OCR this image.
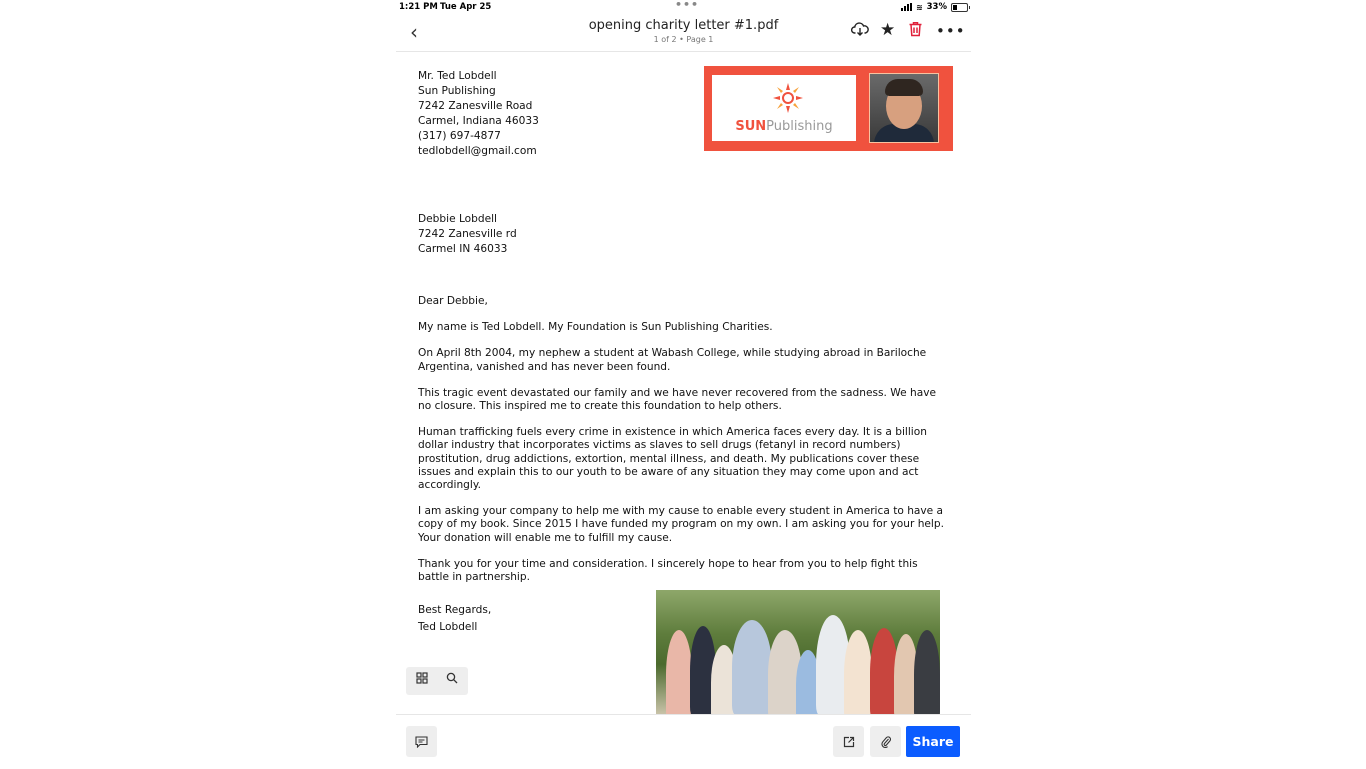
1:21 PM Tue Apr 25	•••	≋ 33%
‹	opening charity letter #1.pdf
1 of 2 • Page 1	★	•••

Mr. Ted Lobdell

Sun Publishing

7242 Zanesville Road

Carmel, Indiana 46033

(317) 697-4877

tedlobdell@gmail.com

Debbie Lobdell

7242 Zanesville rd

Carmel IN 46033

Dear Debbie,

My name is Ted Lobdell. My Foundation is Sun Publishing Charities.

On April 8th 2004, my nephew a student at Wabash College, while studying abroad in Bariloche Argentina, vanished and has never been found.

This tragic event devastated our family and we have never recovered from the sadness. We have no closure. This inspired me to create this foundation to help others.

Human trafficking fuels every crime in existence in which America faces every day. It is a billion dollar industry that incorporates victims as slaves to sell drugs (fetanyl in record numbers) prostitution, drug addictions, extortion, mental illness, and death. My publications cover these issues and explain this to our youth to be aware of any situation they may come upon and act accordingly.

I am asking your company to help me with my cause to enable every student in America to have a copy of my book. Since 2015 I have funded my program on my own. I am asking you for your help. Your donation will enable me to fulfill my cause.

Thank you for your time and consideration. I sincerely hope to hear from you to help fight this battle in partnership.

Best Regards,

Ted Lobdell

SUNPublishing
Share
